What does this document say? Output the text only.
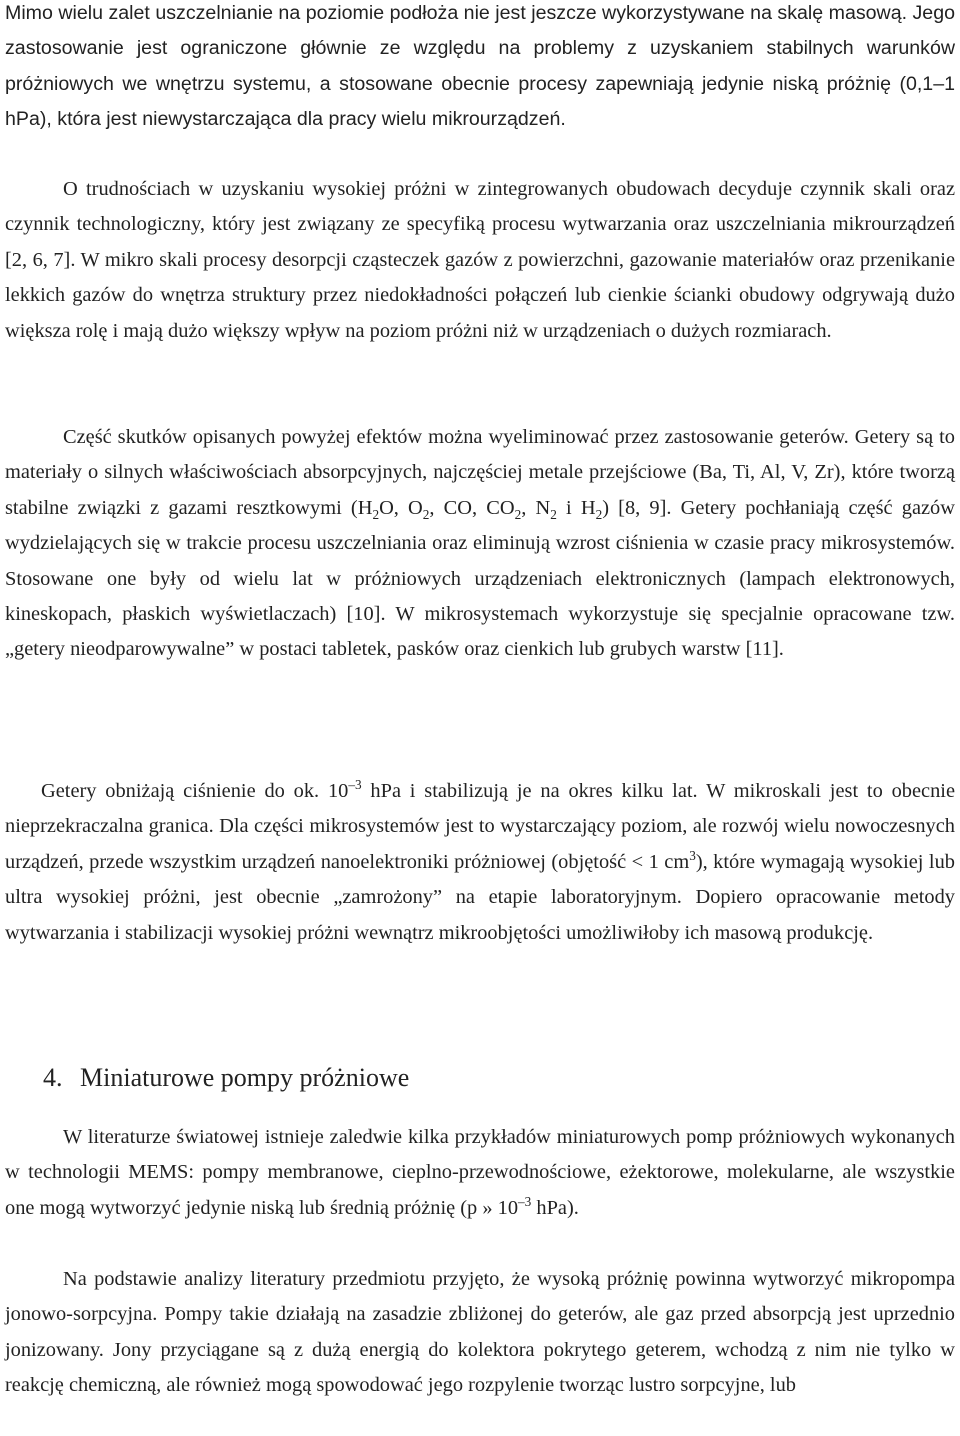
Mimo wielu zalet uszczelnianie na poziomie podłoża nie jest jeszcze wykorzystywane na skalę masową. Jego zastosowanie jest ograniczone głównie ze względu na problemy z uzyskaniem stabilnych warunków próżniowych we wnętrzu systemu, a stosowane obecnie procesy zapewniają jedynie niską próżnię (0,1–1 hPa), która jest niewystarczająca dla pracy wielu mikrourządzeń.

O trudnościach w uzyskaniu wysokiej próżni w zintegrowanych obudowach decyduje czynnik skali oraz czynnik technologiczny, który jest związany ze specyfiką procesu wytwarzania oraz uszczelniania mikrourządzeń [2, 6, 7]. W mikro skali procesy desorpcji cząsteczek gazów z powierzchni, gazowanie materiałów oraz przenikanie lekkich gazów do wnętrza struktury przez niedokładności połączeń lub cienkie ścianki obudowy odgrywają dużo większa rolę i mają dużo większy wpływ na poziom próżni niż w urządzeniach o dużych rozmiarach.

Część skutków opisanych powyżej efektów można wyeliminować przez zastosowanie geterów. Getery są to materiały o silnych właściwościach absorpcyjnych, najczęściej metale przejściowe (Ba, Ti, Al, V, Zr), które tworzą stabilne związki z gazami resztkowymi ($H_2O$, $O_2$, CO, $CO_2$, $N_2$ i $H_2$) [8, 9]. Getery pochłaniają część gazów wydzielających się w trakcie procesu uszczelniania oraz eliminują wzrost ciśnienia w czasie pracy mikrosystemów. Stosowane one były od wielu lat w próżniowych urządzeniach elektronicznych (lampach elektronowych, kineskopach, płaskich wyświetlaczach) [10]. W mikrosystemach wykorzystuje się specjalnie opracowane tzw. „getery nieodparowywalne” w postaci tabletek, pasków oraz cienkich lub grubych warstw [11].

Getery obniżają ciśnienie do ok. $10^{-3}$ hPa i stabilizują je na okres kilku lat. W mikroskali jest to obecnie nieprzekraczalna granica. Dla części mikrosystemów jest to wystarczający poziom, ale rozwój wielu nowoczesnych urządzeń, przede wszystkim urządzeń nanoelektroniki próżniowej (objętość < 1 $cm^3$), które wymagają wysokiej lub ultra wysokiej próżni, jest obecnie „zamrożony” na etapie laboratoryjnym. Dopiero opracowanie metody wytwarzania i stabilizacji wysokiej próżni wewnątrz mikroobjętości umożliwiłoby ich masową produkcję.

4. Miniaturowe pompy próżniowe

W literaturze światowej istnieje zaledwie kilka przykładów miniaturowych pomp próżniowych wykonanych w technologii MEMS: pompy membranowe, cieplno-przewodnościowe, eżektorowe, molekularne, ale wszystkie one mogą wytworzyć jedynie niską lub średnią próżnię (p » $10^{-3}$ hPa).

Na podstawie analizy literatury przedmiotu przyjęto, że wysoką próżnię powinna wytworzyć mikropompa jonowo-sorpcyjna. Pompy takie działają na zasadzie zbliżonej do geterów, ale gaz przed absorpcją jest uprzednio jonizowany. Jony przyciągane są z dużą energią do kolektora pokrytego geterem, wchodzą z nim nie tylko w reakcję chemiczną, ale również mogą spowodować jego rozpylenie tworząc lustro sorpcyjne, lub
